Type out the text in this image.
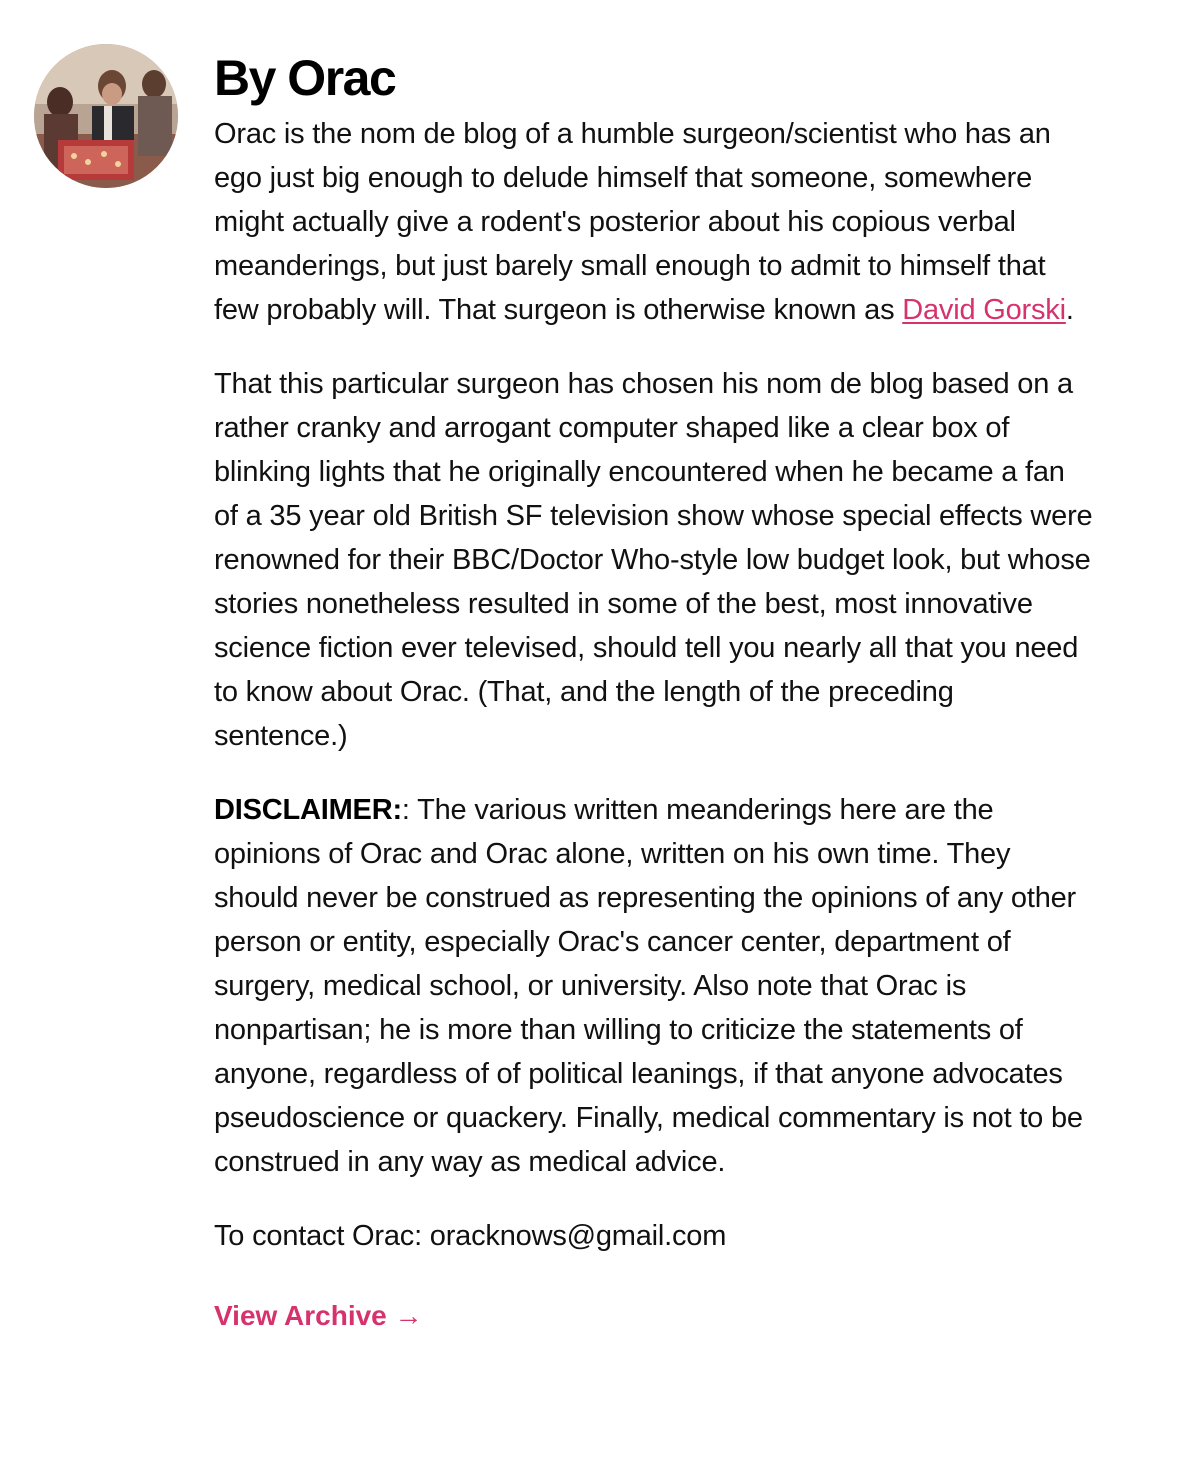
By Orac

Orac is the nom de blog of a humble surgeon/scientist who has an ego just big enough to delude himself that someone, somewhere might actually give a rodent's posterior about his copious verbal meanderings, but just barely small enough to admit to himself that few probably will. That surgeon is otherwise known as David Gorski.

That this particular surgeon has chosen his nom de blog based on a rather cranky and arrogant computer shaped like a clear box of blinking lights that he originally encountered when he became a fan of a 35 year old British SF television show whose special effects were renowned for their BBC/Doctor Who-style low budget look, but whose stories nonetheless resulted in some of the best, most innovative science fiction ever televised, should tell you nearly all that you need to know about Orac. (That, and the length of the preceding sentence.)

DISCLAIMER:: The various written meanderings here are the opinions of Orac and Orac alone, written on his own time. They should never be construed as representing the opinions of any other person or entity, especially Orac's cancer center, department of surgery, medical school, or university. Also note that Orac is nonpartisan; he is more than willing to criticize the statements of anyone, regardless of of political leanings, if that anyone advocates pseudoscience or quackery. Finally, medical commentary is not to be construed in any way as medical advice.

To contact Orac: oracknows@gmail.com

View Archive →
